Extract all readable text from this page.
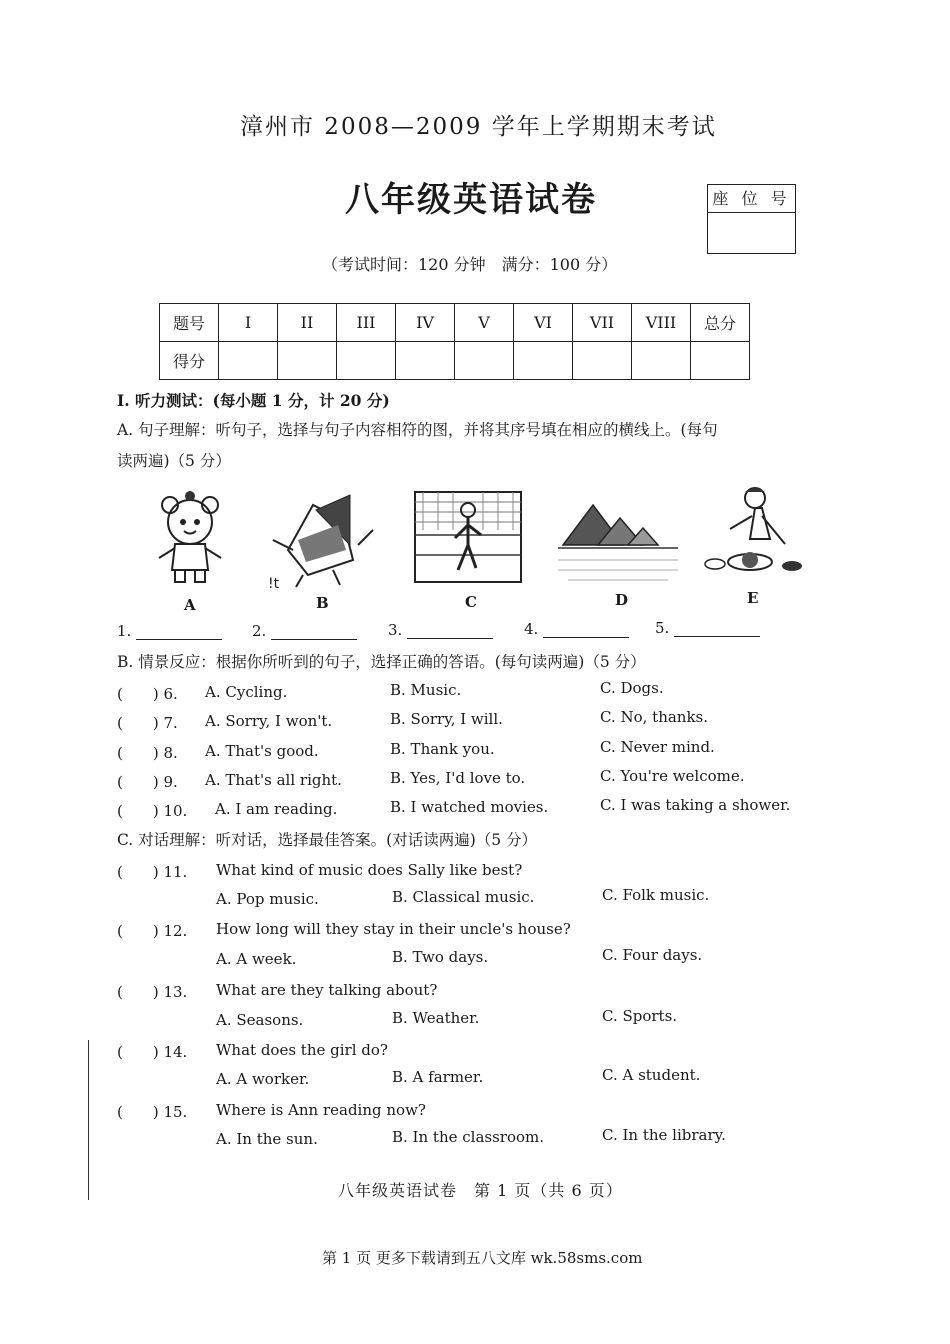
漳州市 2008—2009 学年上学期期末考试
八年级英语试卷	座 位 号
（考试时间：120 分钟　满分：100 分）
题号	I	II	III	IV	V	VI	VII	VIII	总分
得分									
Ⅰ. 听力测试：(每小题 1 分，计 20 分)
A. 句子理解：听句子，选择与句子内容相符的图，并将其序号填在相应的横线上。(每句
读两遍)（5 分）
!t
A	B	C	D	E
1.	2.	3.	4.	5.
B. 情景反应：根据你所听到的句子，选择正确的答语。(每句读两遍)（5 分）
(　　) 6. A. Cycling.	B. Music.	C. Dogs.
(　　) 7. A. Sorry, I won't.	B. Sorry, I will.	C. No, thanks.
(　　) 8. A. That's good.	B. Thank you.	C. Never mind.
(　　) 9. A. That's all right.	B. Yes, I'd love to.	C. You're welcome.
(　　) 10. A. I am reading.	B. I watched movies.	C. I was taking a shower.
C. 对话理解：听对话，选择最佳答案。(对话读两遍)（5 分）
(　　) 11. What kind of music does Sally like best?
A. Pop music.	B. Classical music.	C. Folk music.
(　　) 12. How long will they stay in their uncle's house?
A. A week.	B. Two days.	C. Four days.
(　　) 13. What are they talking about?
A. Seasons.	B. Weather.	C. Sports.
(　　) 14. What does the girl do?
A. A worker.	B. A farmer.	C. A student.
(　　) 15. Where is Ann reading now?
A. In the sun.	B. In the classroom.	C. In the library.
八年级英语试卷　第 1 页（共 6 页）
第 1 页 更多下载请到五八文库 wk.58sms.com
